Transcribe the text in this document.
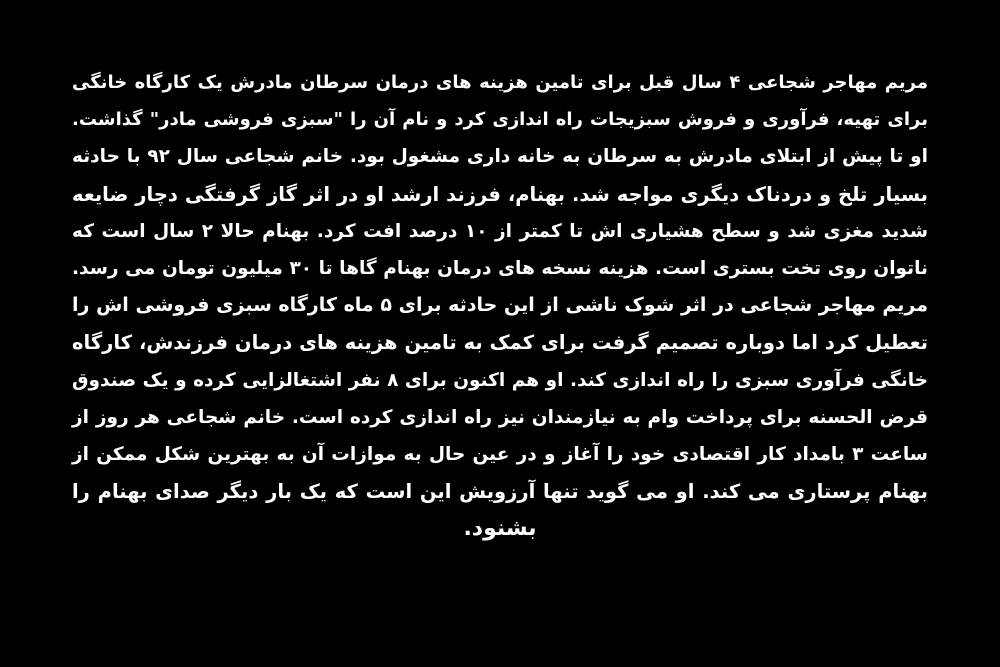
مریم مهاجر شجاعی ۴ سال قبل برای تامین هزینه های درمان سرطان مادرش یک کارگاه خانگی
برای تهیه، فرآوری و فروش سبزیجات راه اندازی کرد و نام آن را "سبزی فروشی مادر" گذاشت.
او تا پیش از ابتلای مادرش به سرطان به خانه داری مشغول بود. خانم شجاعی سال ۹۲ با حادثه
بسیار تلخ و دردناک دیگری مواجه شد. بهنام، فرزند ارشد او در اثر گاز گرفتگی دچار ضایعه
شدید مغزی شد و سطح هشیاری اش تا کمتر از ۱۰ درصد افت کرد. بهنام حالا ۲ سال است که
ناتوان روی تخت بستری است. هزینه نسخه های درمان بهنام گاها تا ۳۰ میلیون تومان می رسد.
مریم مهاجر شجاعی در اثر شوک ناشی از این حادثه برای ۵ ماه کارگاه سبزی فروشی اش را
تعطیل کرد اما دوباره تصمیم گرفت برای کمک به تامین هزینه های درمان فرزندش، کارگاه
خانگی فرآوری سبزی را راه اندازی کند. او هم اکنون برای ۸ نفر اشتغالزایی کرده و یک صندوق
قرض الحسنه برای پرداخت وام به نیازمندان نیز راه اندازی کرده است. خانم شجاعی هر روز از
ساعت ۳ بامداد کار اقتصادی خود را آغاز و در عین حال به موازات آن به بهترین شکل ممکن از
بهنام پرستاری می کند. او می گوید تنها آرزویش این است که یک بار دیگر صدای بهنام را
بشنود.
